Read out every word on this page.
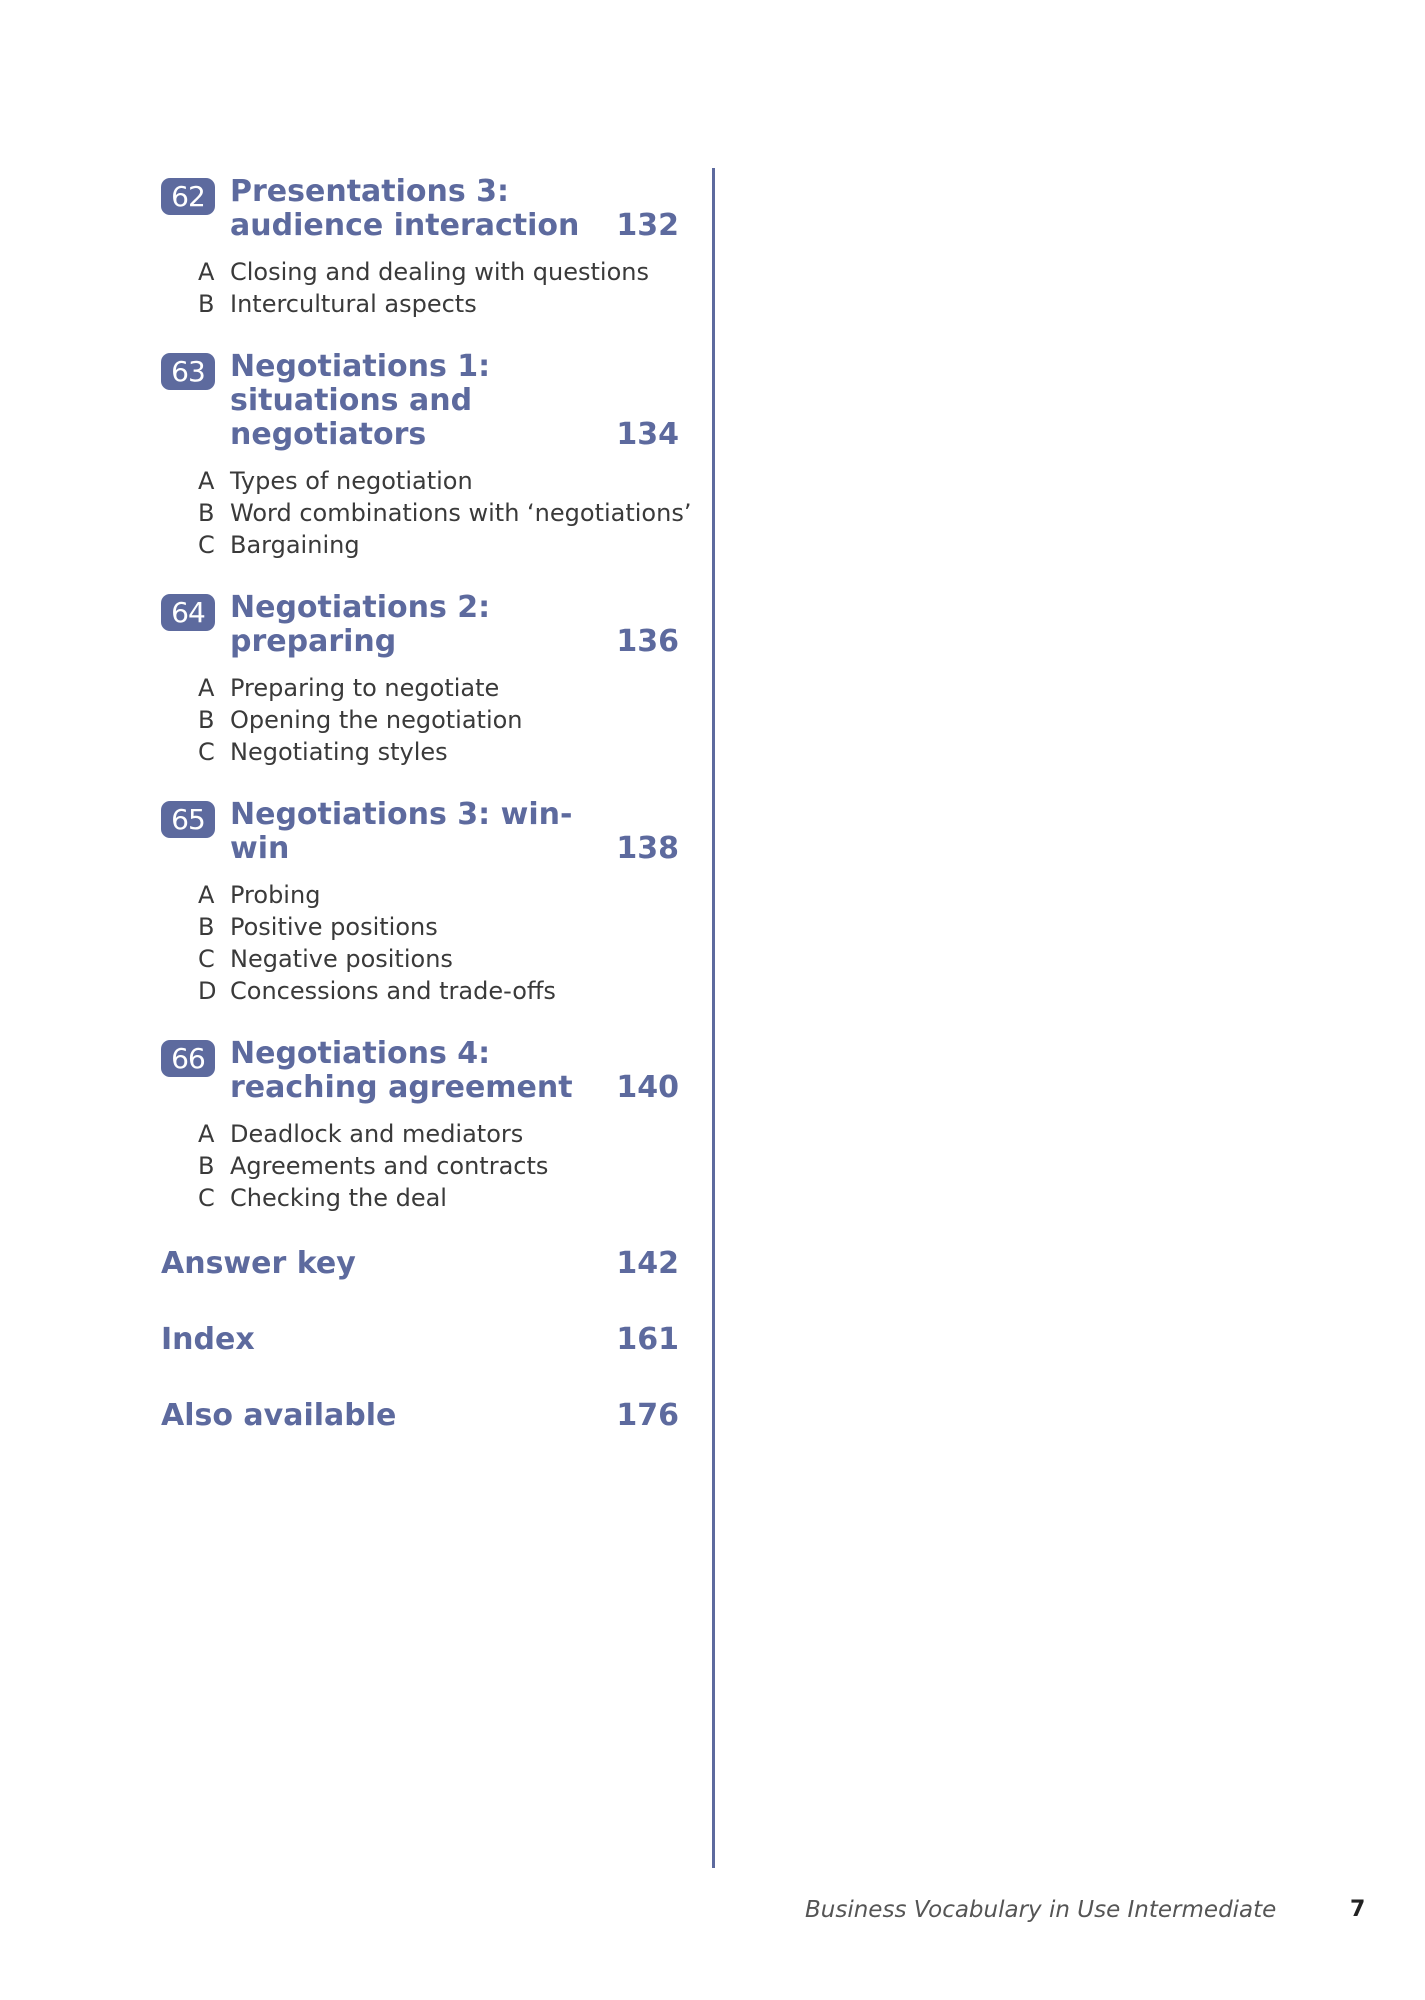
62 Presentations 3: audience interaction	132
A Closing and dealing with questions
B Intercultural aspects
63 Negotiations 1: situations and negotiators	134
A Types of negotiation
B Word combinations with ‘negotiations’
C Bargaining
64 Negotiations 2: preparing	136
A Preparing to negotiate
B Opening the negotiation
C Negotiating styles
65 Negotiations 3: win-win	138
A Probing
B Positive positions
C Negative positions
D Concessions and trade-offs
66 Negotiations 4: reaching agreement	140
A Deadlock and mediators
B Agreements and contracts
C Checking the deal
Answer key	142
Index	161
Also available	176
Business Vocabulary in Use Intermediate	7
